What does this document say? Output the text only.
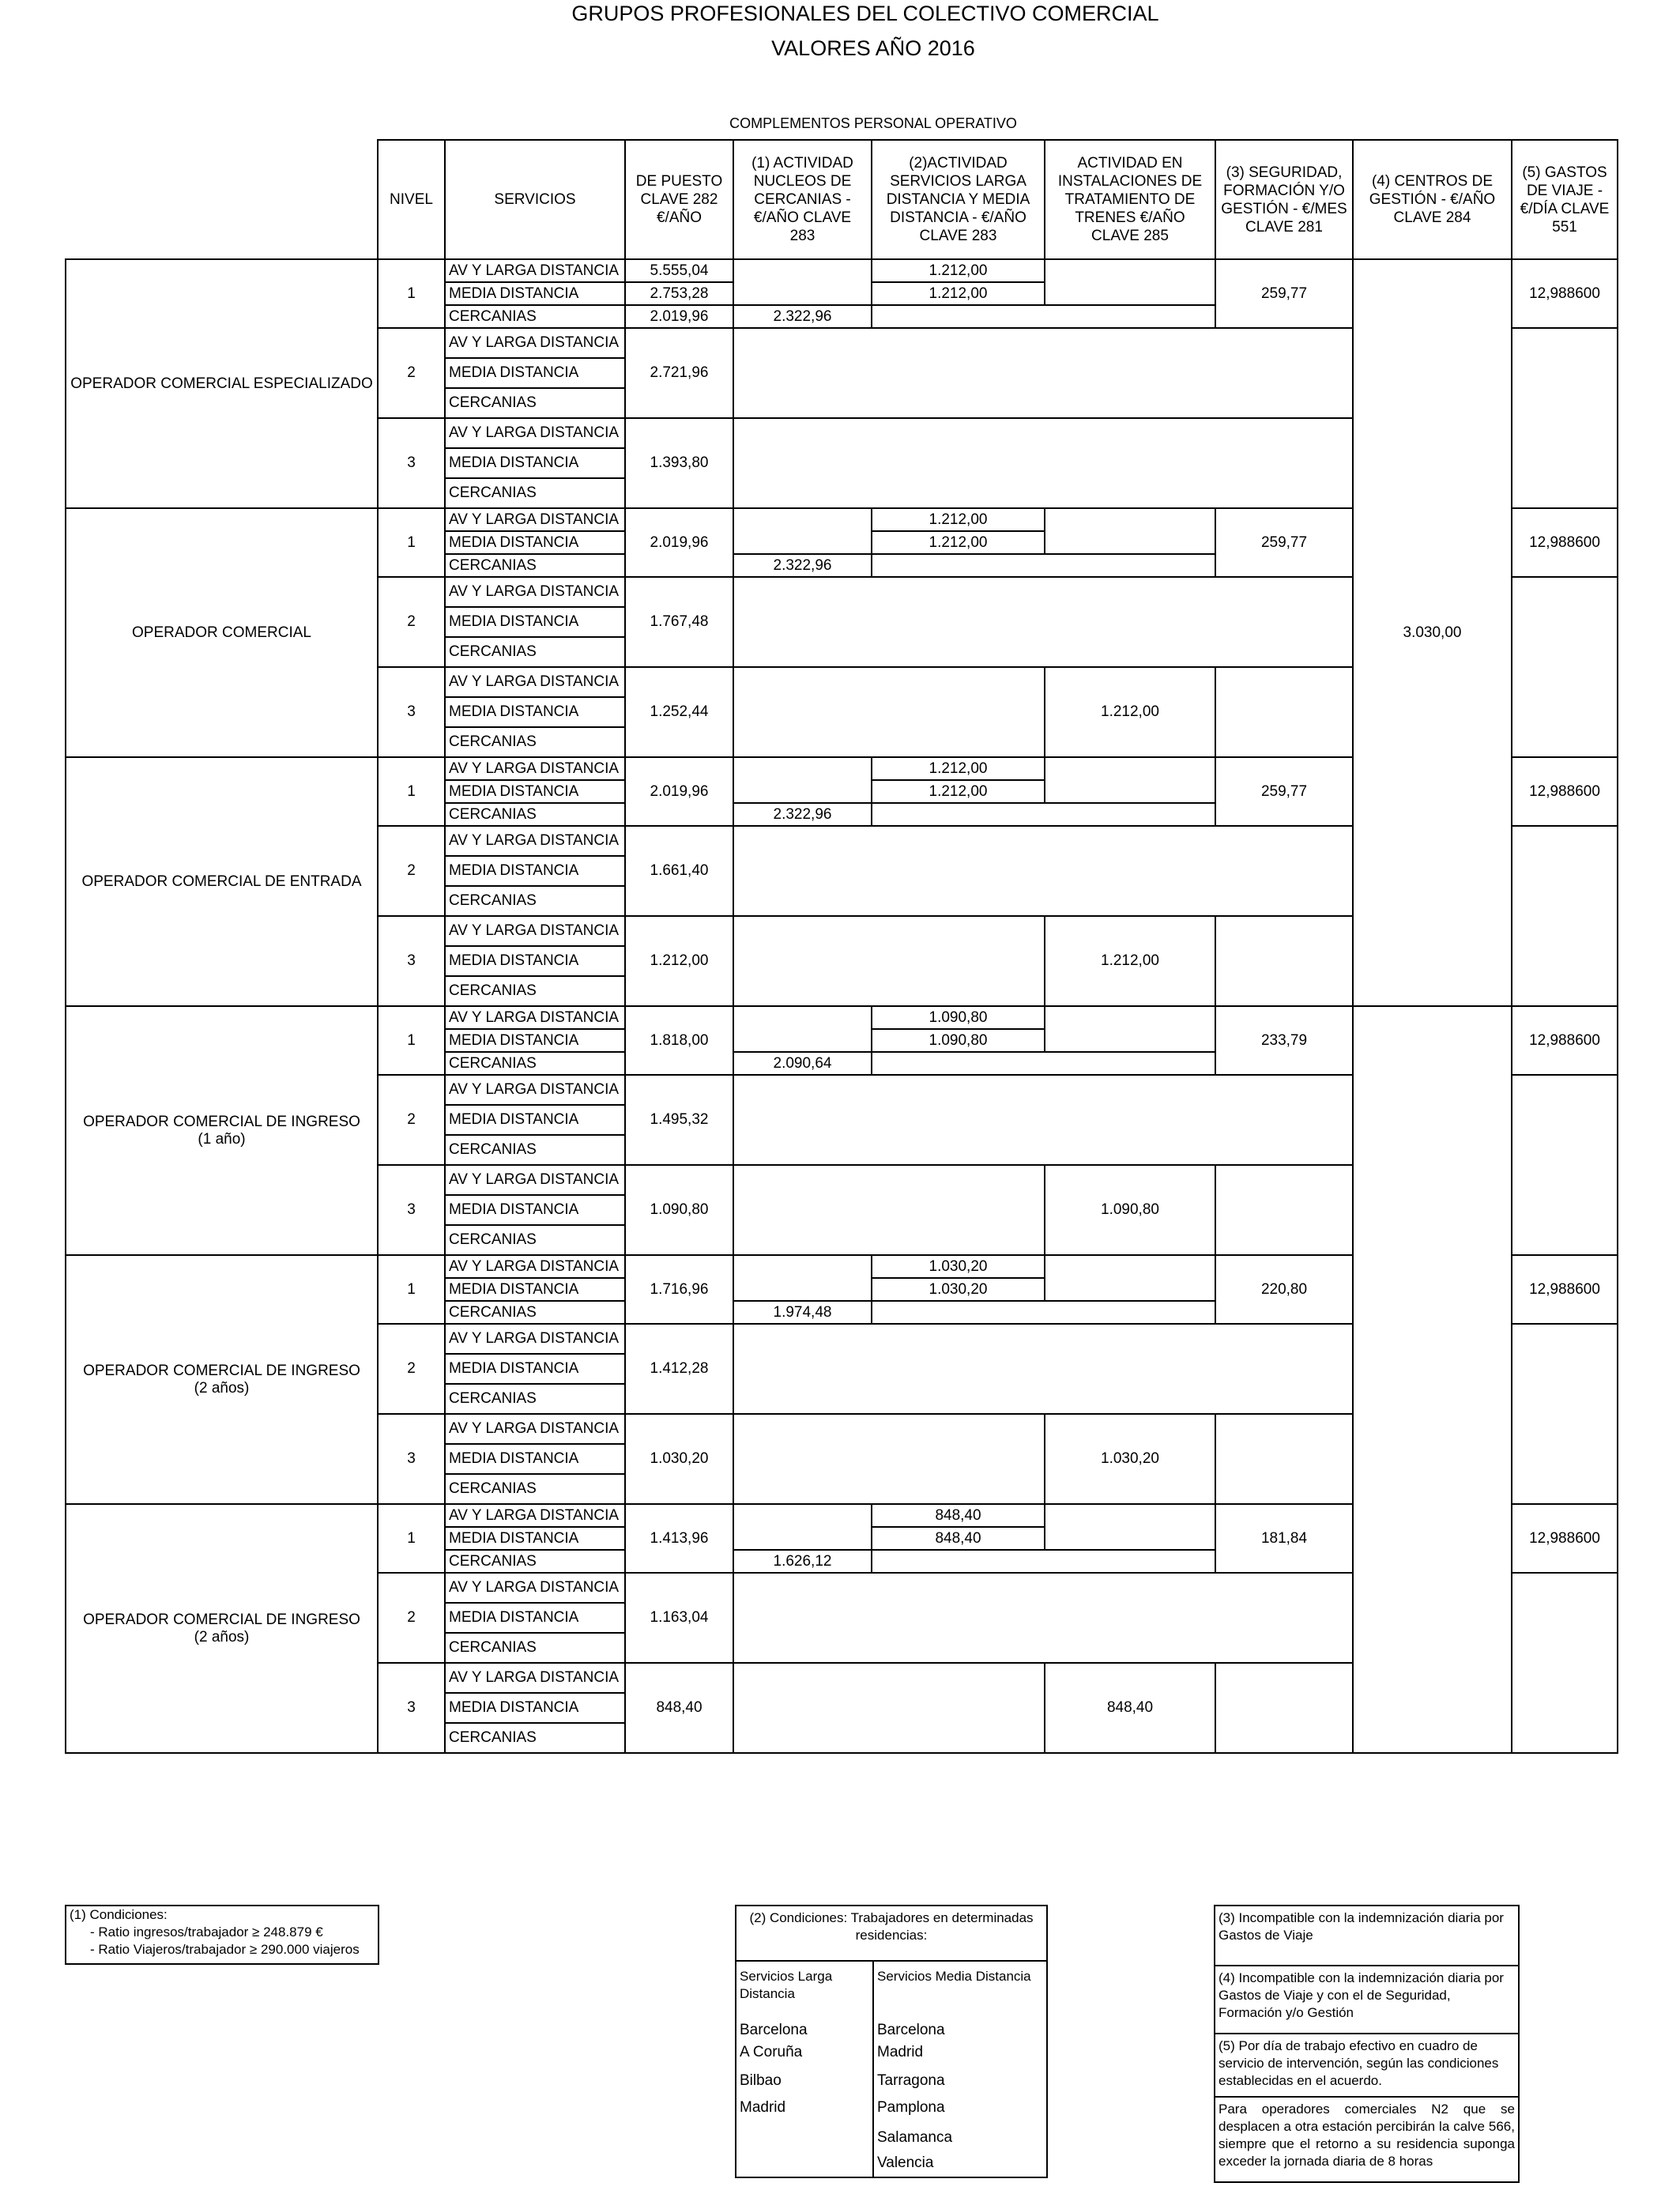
GRUPOS PROFESIONALES DEL COLECTIVO COMERCIAL
VALORES AÑO 2016
COMPLEMENTOS PERSONAL OPERATIVO
	NIVEL	SERVICIOS	DE PUESTO CLAVE 282 €/AÑO	(1) ACTIVIDAD NUCLEOS DE CERCANIAS - €/AÑO CLAVE 283	(2)ACTIVIDAD SERVICIOS LARGA DISTANCIA Y MEDIA DISTANCIA - €/AÑO CLAVE 283	ACTIVIDAD EN INSTALACIONES DE TRATAMIENTO DE TRENES €/AÑO CLAVE 285	(3) SEGURIDAD, FORMACIÓN Y/O GESTIÓN - €/MES CLAVE 281	(4) CENTROS DE GESTIÓN - €/AÑO CLAVE 284	(5) GASTOS DE VIAJE - €/DÍA CLAVE 551

OPERADOR COMERCIAL ESPECIALIZADO	1	AV Y LARGA DISTANCIA	5.555,04		1.212,00		259,77	3.030,00	12,988600
		MEDIA DISTANCIA	2.753,28		1.212,00				
		CERCANIAS	2.019,96	2.322,96					
	2	AV Y LARGA DISTANCIA	2.721,96						
		MEDIA DISTANCIA							
		CERCANIAS							
	3	AV Y LARGA DISTANCIA	1.393,80						
		MEDIA DISTANCIA							
		CERCANIAS							

OPERADOR COMERCIAL	1	AV Y LARGA DISTANCIA	2.019,96		1.212,00		259,77		12,988600
		MEDIA DISTANCIA			1.212,00				
		CERCANIAS		2.322,96					
	2	AV Y LARGA DISTANCIA	1.767,48						
		MEDIA DISTANCIA							
		CERCANIAS							
	3	AV Y LARGA DISTANCIA	1.252,44			1.212,00			
		MEDIA DISTANCIA							
		CERCANIAS							

OPERADOR COMERCIAL DE ENTRADA	1	AV Y LARGA DISTANCIA	2.019,96		1.212,00		259,77		12,988600
		MEDIA DISTANCIA			1.212,00				
		CERCANIAS		2.322,96					
	2	AV Y LARGA DISTANCIA	1.661,40						
		MEDIA DISTANCIA							
		CERCANIAS							
	3	AV Y LARGA DISTANCIA	1.212,00			1.212,00			
		MEDIA DISTANCIA							
		CERCANIAS							

OPERADOR COMERCIAL DE INGRESO
(1 año)	1	AV Y LARGA DISTANCIA	1.818,00		1.090,80		233,79		12,988600
		MEDIA DISTANCIA			1.090,80				
		CERCANIAS		2.090,64					
	2	AV Y LARGA DISTANCIA	1.495,32						
		MEDIA DISTANCIA							
		CERCANIAS							
	3	AV Y LARGA DISTANCIA	1.090,80			1.090,80			
		MEDIA DISTANCIA							
		CERCANIAS							

OPERADOR COMERCIAL DE INGRESO
(2 años)	1	AV Y LARGA DISTANCIA	1.716,96		1.030,20		220,80		12,988600
		MEDIA DISTANCIA			1.030,20				
		CERCANIAS		1.974,48					
	2	AV Y LARGA DISTANCIA	1.412,28						
		MEDIA DISTANCIA							
		CERCANIAS							
	3	AV Y LARGA DISTANCIA	1.030,20			1.030,20			
		MEDIA DISTANCIA							
		CERCANIAS							

OPERADOR COMERCIAL DE INGRESO
(2 años)	1	AV Y LARGA DISTANCIA	1.413,96		848,40		181,84		12,988600
		MEDIA DISTANCIA			848,40				
		CERCANIAS		1.626,12					
	2	AV Y LARGA DISTANCIA	1.163,04						
		MEDIA DISTANCIA							
		CERCANIAS							
	3	AV Y LARGA DISTANCIA	848,40			848,40			
		MEDIA DISTANCIA							
		CERCANIAS							
(1) Condiciones:
- Ratio ingresos/trabajador ≥ 248.879 €
- Ratio Viajeros/trabajador ≥ 290.000 viajeros
(2) Condiciones: Trabajadores en determinadas residencias:
Servicios Larga Distancia
Servicios Media Distancia
Barcelona
A Coruña
Bilbao
Madrid
Barcelona
Madrid
Tarragona
Pamplona
Salamanca
Valencia
(3) Incompatible con la indemnización diaria por Gastos de Viaje
(4) Incompatible con la indemnización diaria por Gastos de Viaje y con el de Seguridad, Formación y/o Gestión
(5) Por día de trabajo efectivo en cuadro de servicio de intervención, según las condiciones establecidas en el acuerdo.
Para operadores comerciales N2 que se desplacen a otra estación percibirán la calve 566, siempre que el retorno a su residencia suponga exceder la jornada diaria de 8 horas
